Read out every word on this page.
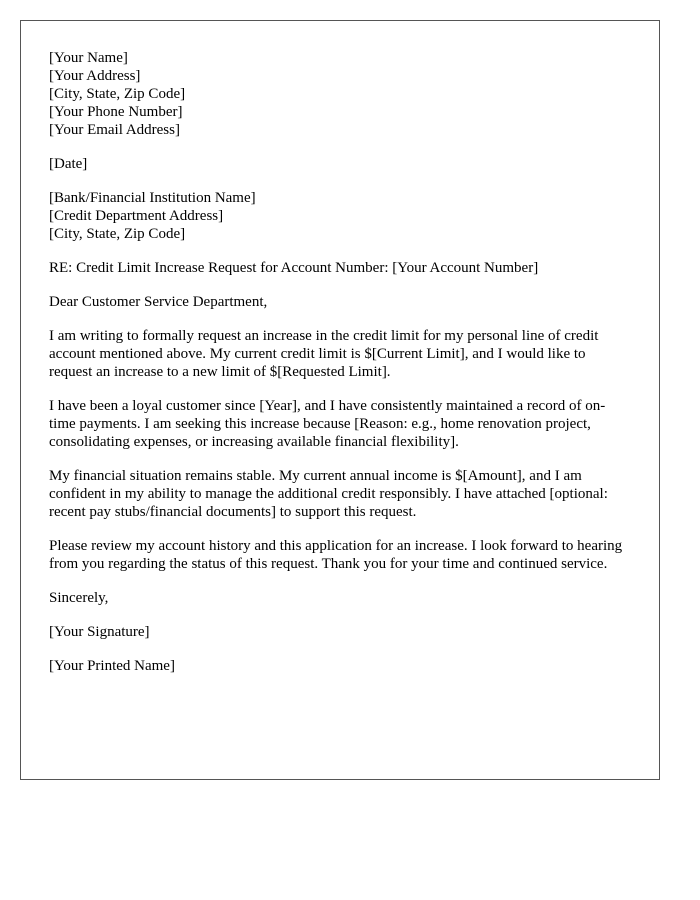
[Your Name]
[Your Address]
[City, State, Zip Code]
[Your Phone Number]
[Your Email Address]
[Date]
[Bank/Financial Institution Name]
[Credit Department Address]
[City, State, Zip Code]
RE: Credit Limit Increase Request for Account Number: [Your Account Number]
Dear Customer Service Department,

I am writing to formally request an increase in the credit limit for my personal line of credit account mentioned above. My current credit limit is $[Current Limit], and I would like to request an increase to a new limit of $[Requested Limit].

I have been a loyal customer since [Year], and I have consistently maintained a record of on-time payments. I am seeking this increase because [Reason: e.g., home renovation project, consolidating expenses, or increasing available financial flexibility].

My financial situation remains stable. My current annual income is $[Amount], and I am confident in my ability to manage the additional credit responsibly. I have attached [optional: recent pay stubs/financial documents] to support this request.

Please review my account history and this application for an increase. I look forward to hearing from you regarding the status of this request. Thank you for your time and continued service.

Sincerely,
[Your Signature]
[Your Printed Name]
